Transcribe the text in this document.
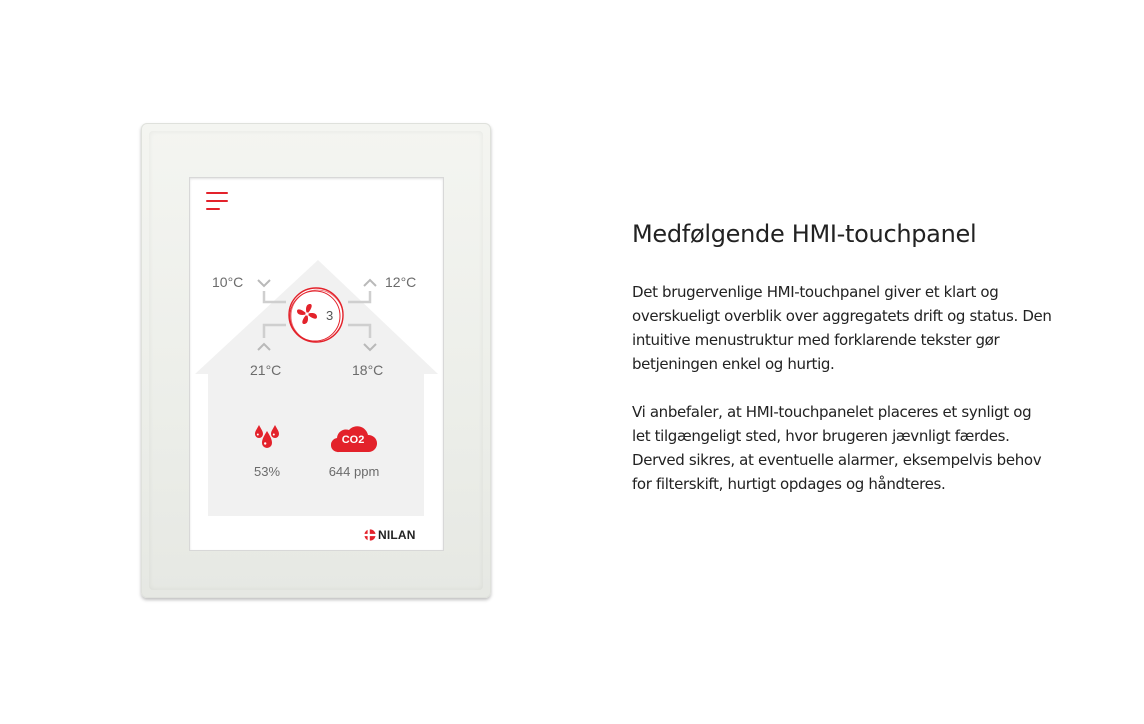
3
10°C	12°C
21°C	18°C
53%
CO2
644 ppm
NILAN
Medfølgende HMI-touchpanel

Det brugervenlige HMI-touchpanel giver et klart og overskueligt overblik over aggregatets drift og status. Den intuitive menustruktur med forklarende tekster gør betjeningen enkel og hurtig.

Vi anbefaler, at HMI-touchpanelet placeres et synligt og let tilgængeligt sted, hvor brugeren jævnligt færdes. Derved sikres, at eventuelle alarmer, eksempelvis behov for filterskift, hurtigt opdages og håndteres.
